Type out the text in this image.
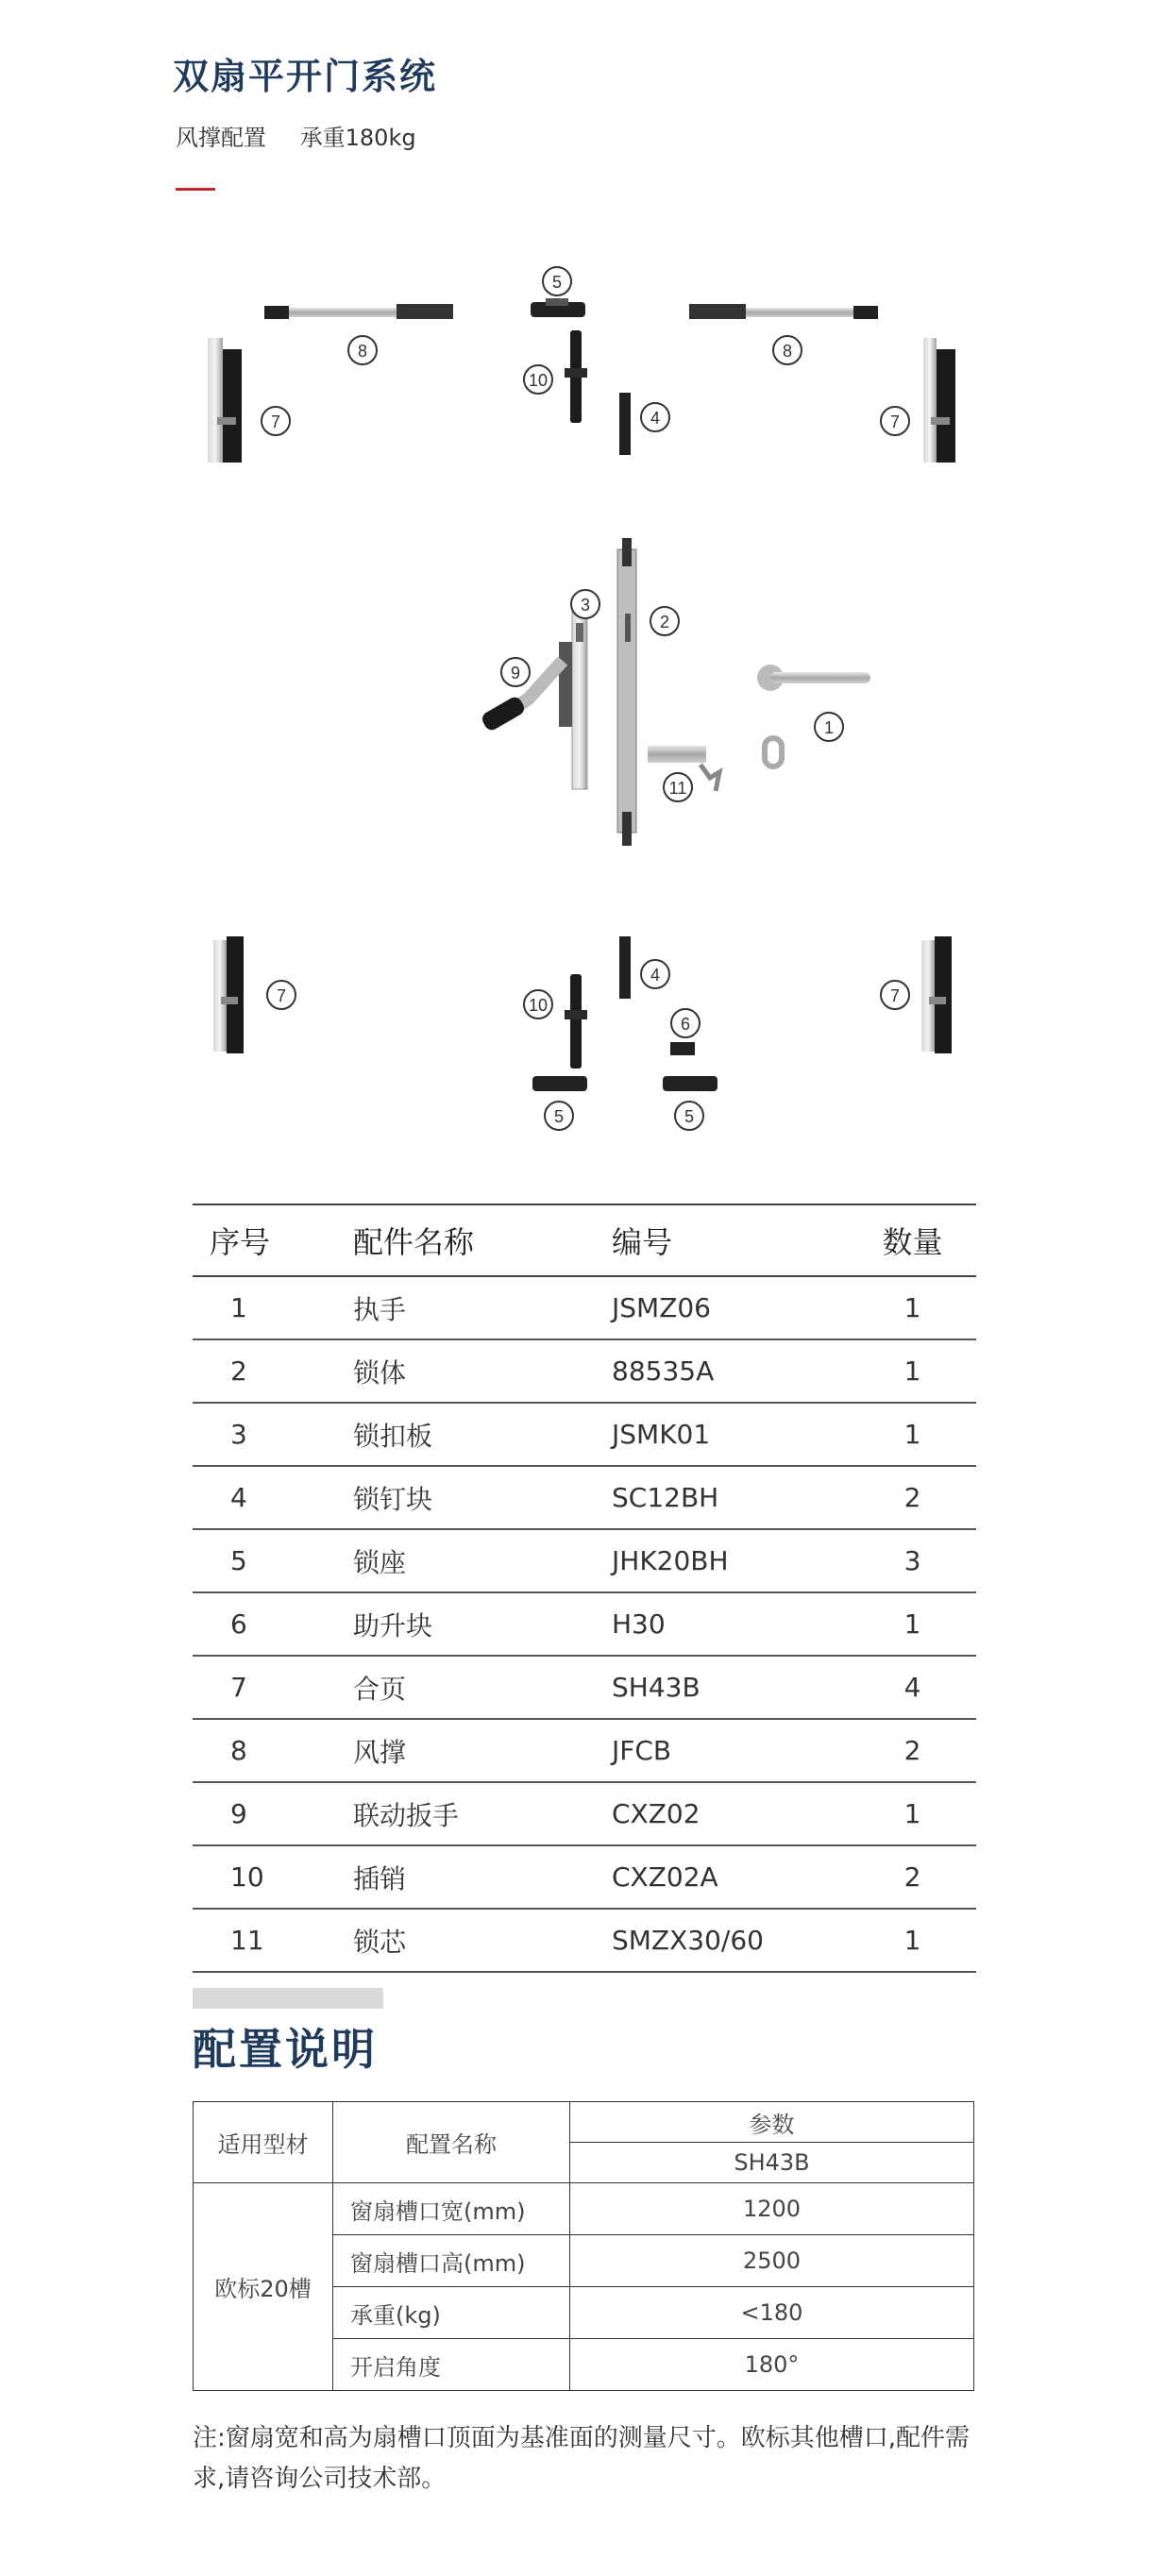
双扇平开门系统
风撑配置 承重180kg
5
8	8
10
4
7	7
3
2
9
1
11
7	7
4
10
6
5	5
序号	配件名称	编号	数量
1	执手	JSMZ06	1
2	锁体	88535A	1
3	锁扣板	JSMK01	1
4	锁钉块	SC12BH	2
5	锁座	JHK20BH	3
6	助升块	H30	1
7	合页	SH43B	4
8	风撑	JFCB	2
9	联动扳手	CXZ02	1
10	插销	CXZ02A	2
11	锁芯	SMZX30/60	1
配置说明
适用型材	配置名称	参数
		SH43B
欧标20槽	窗扇槽口宽(mm)	1200
	窗扇槽口高(mm)	2500
	承重(kg)	<180
	开启角度	180°
注:窗扇宽和高为扇槽口顶面为基准面的测量尺寸。欧标其他槽口,配件需求,请咨询公司技术部。
